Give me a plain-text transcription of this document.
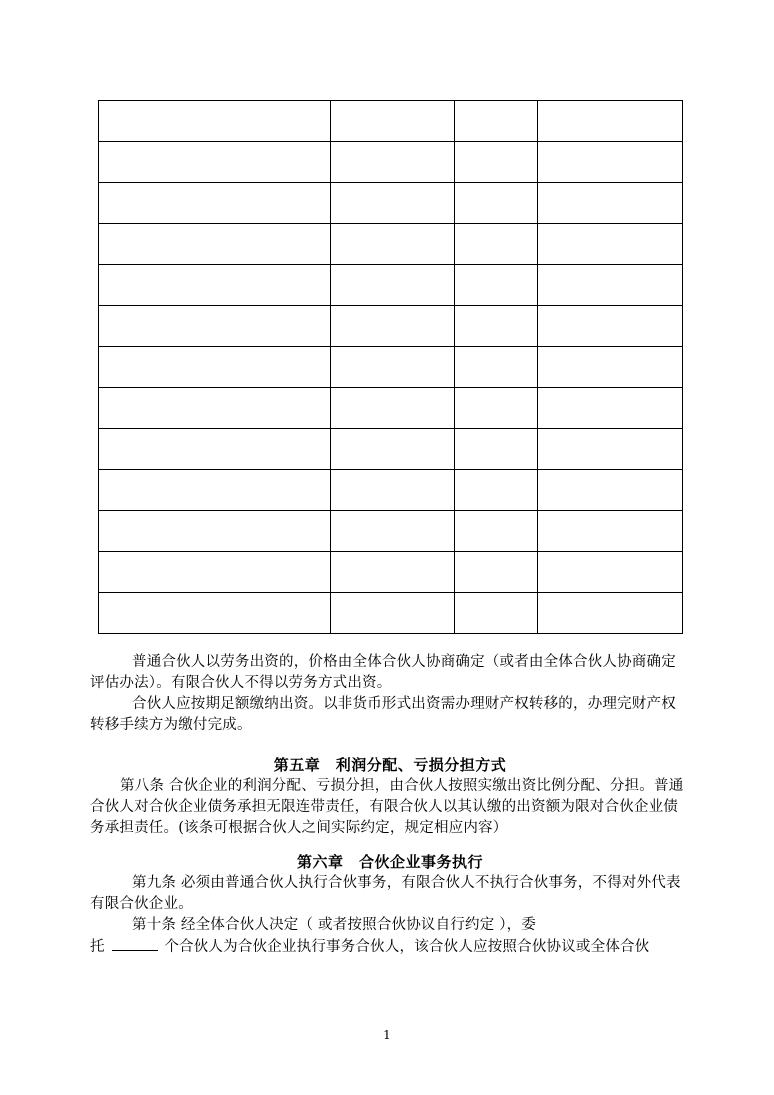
普通合伙人以劳务出资的，价格由全体合伙人协商确定（或者由全体合伙人协商确定评估办法）。有限合伙人不得以劳务方式出资。

合伙人应按期足额缴纳出资。以非货币形式出资需办理财产权转移的，办理完财产权转移手续方为缴付完成。

第五章　利润分配、亏损分担方式

第八条 合伙企业的利润分配、亏损分担，由合伙人按照实缴出资比例分配、分担。普通合伙人对合伙企业债务承担无限连带责任，有限合伙人以其认缴的出资额为限对合伙企业债务承担责任。(该条可根据合伙人之间实际约定，规定相应内容）

第六章　合伙企业事务执行

第九条 必须由普通合伙人执行合伙事务，有限合伙人不执行合伙事务，不得对外代表有限合伙企业。

第十条 经全体合伙人决定（ 或者按照合伙协议自行约定 ），委

托	个合伙人为合伙企业执行事务合伙人，该合伙人应按照合伙协议或全体合伙

1
